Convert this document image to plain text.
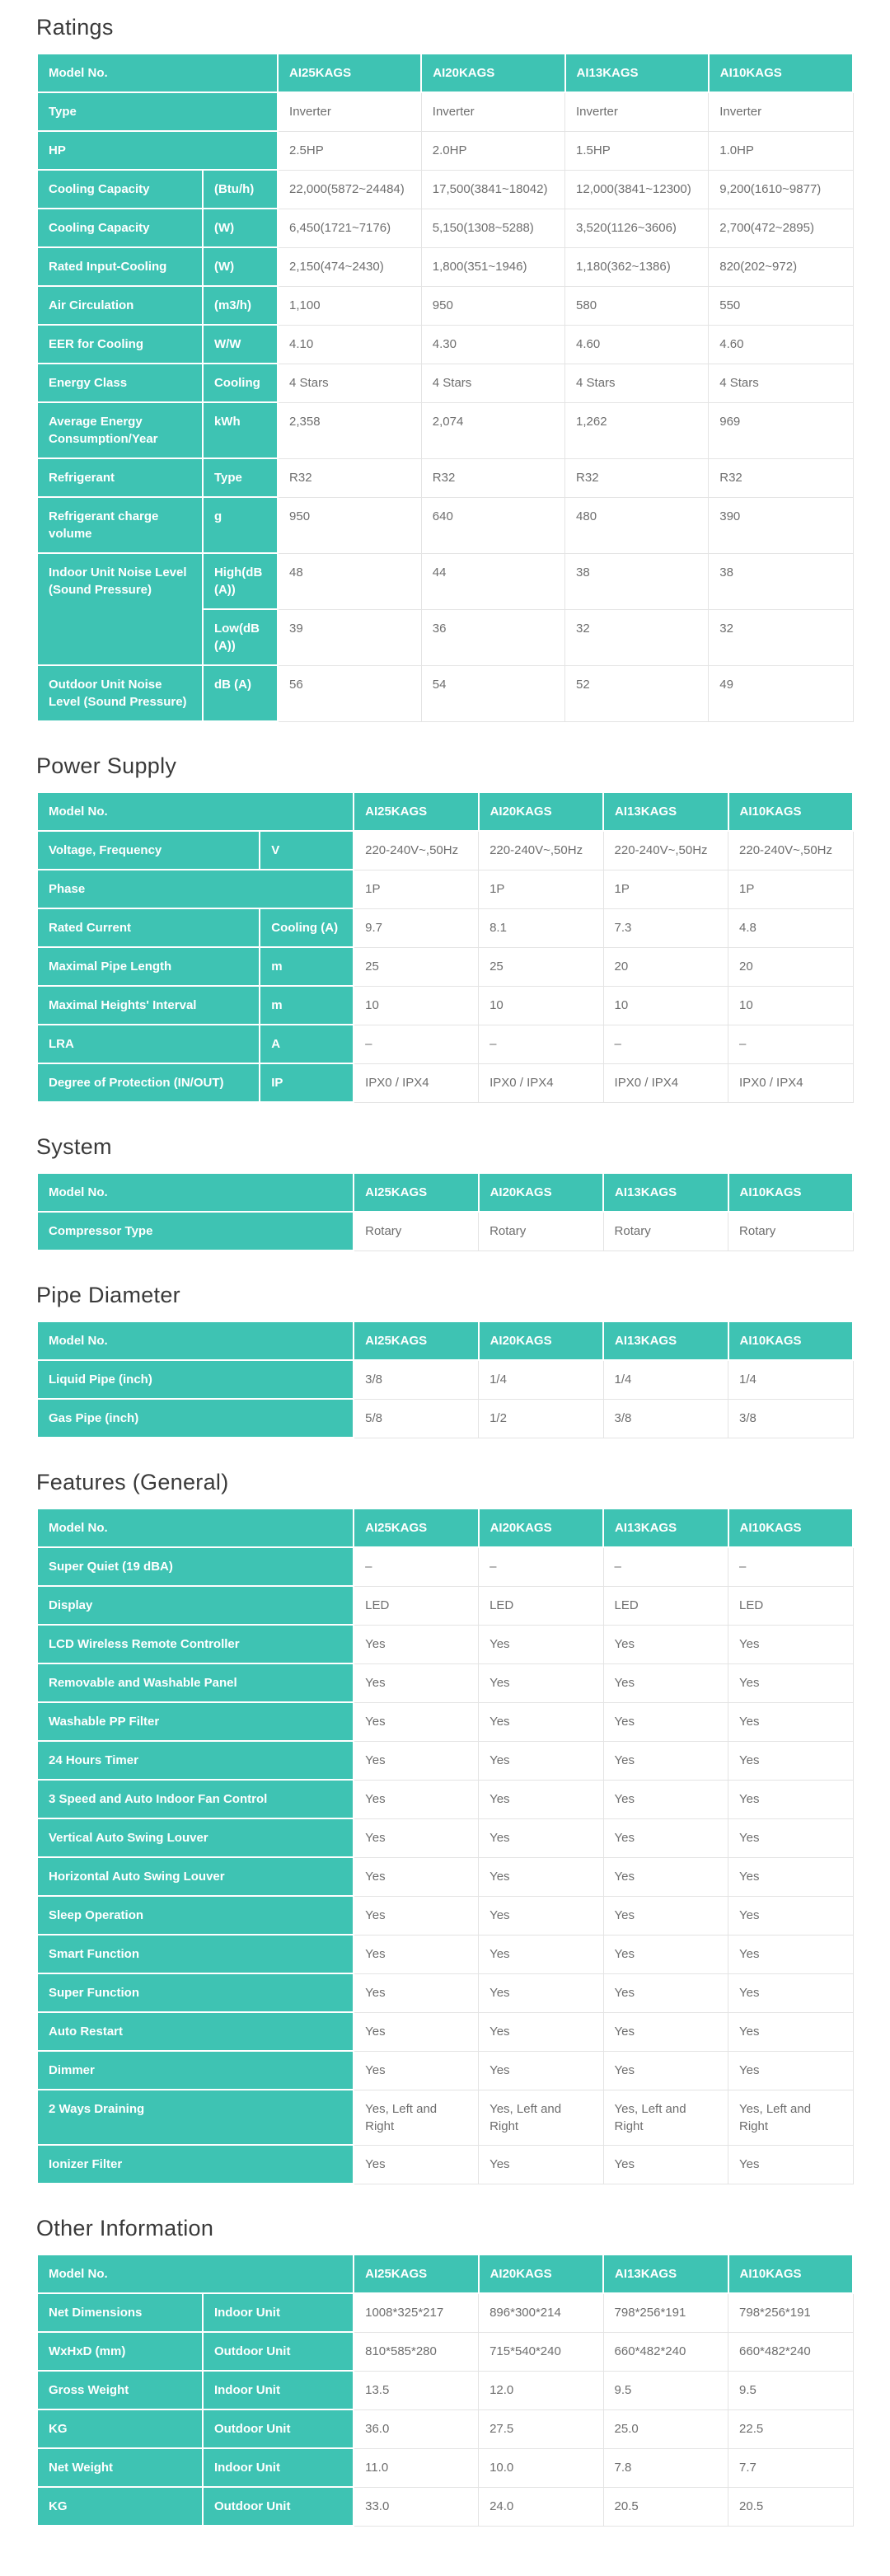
Ratings
Model No.		AI25KAGS	AI20KAGS	AI13KAGS	AI10KAGS
Type		Inverter	Inverter	Inverter	Inverter
HP		2.5HP	2.0HP	1.5HP	1.0HP
Cooling Capacity	(Btu/h)	22,000(5872~24484)	17,500(3841~18042)	12,000(3841~12300)	9,200(1610~9877)
Cooling Capacity	(W)	6,450(1721~7176)	5,150(1308~5288)	3,520(1126~3606)	2,700(472~2895)
Rated Input-Cooling	(W)	2,150(474~2430)	1,800(351~1946)	1,180(362~1386)	820(202~972)
Air Circulation	(m3/h)	1,100	950	580	550
EER for Cooling	W/W	4.10	4.30	4.60	4.60
Energy Class	Cooling	4 Stars	4 Stars	4 Stars	4 Stars
Average Energy Consumption/Year	kWh	2,358	2,074	1,262	969
Refrigerant	Type	R32	R32	R32	R32
Refrigerant charge volume	g	950	640	480	390
Indoor Unit Noise Level (Sound Pressure)	High(dB (A))	48	44	38	38
	Low(dB (A))	39	36	32	32
Outdoor Unit Noise Level (Sound Pressure)	dB (A)	56	54	52	49
Power Supply
Model No.		AI25KAGS	AI20KAGS	AI13KAGS	AI10KAGS
Voltage, Frequency	V	220-240V~,50Hz	220-240V~,50Hz	220-240V~,50Hz	220-240V~,50Hz
Phase		1P	1P	1P	1P
Rated Current	Cooling (A)	9.7	8.1	7.3	4.8
Maximal Pipe Length	m	25	25	20	20
Maximal Heights' Interval	m	10	10	10	10
LRA	A	–	–	–	–
Degree of Protection (IN/OUT)	IP	IPX0 / IPX4	IPX0 / IPX4	IPX0 / IPX4	IPX0 / IPX4
System
Model No.	AI25KAGS	AI20KAGS	AI13KAGS	AI10KAGS
Compressor Type	Rotary	Rotary	Rotary	Rotary
Pipe Diameter
Model No.	AI25KAGS	AI20KAGS	AI13KAGS	AI10KAGS
Liquid Pipe (inch)	3/8	1/4	1/4	1/4
Gas Pipe (inch)	5/8	1/2	3/8	3/8
Features (General)
Model No.	AI25KAGS	AI20KAGS	AI13KAGS	AI10KAGS
Super Quiet (19 dBA)	–	–	–	–
Display	LED	LED	LED	LED
LCD Wireless Remote Controller	Yes	Yes	Yes	Yes
Removable and Washable Panel	Yes	Yes	Yes	Yes
Washable PP Filter	Yes	Yes	Yes	Yes
24 Hours Timer	Yes	Yes	Yes	Yes
3 Speed and Auto Indoor Fan Control	Yes	Yes	Yes	Yes
Vertical Auto Swing Louver	Yes	Yes	Yes	Yes
Horizontal Auto Swing Louver	Yes	Yes	Yes	Yes
Sleep Operation	Yes	Yes	Yes	Yes
Smart Function	Yes	Yes	Yes	Yes
Super Function	Yes	Yes	Yes	Yes
Auto Restart	Yes	Yes	Yes	Yes
Dimmer	Yes	Yes	Yes	Yes
2 Ways Draining	Yes, Left and Right	Yes, Left and Right	Yes, Left and Right	Yes, Left and Right
Ionizer Filter	Yes	Yes	Yes	Yes
Other Information
Model No.		AI25KAGS	AI20KAGS	AI13KAGS	AI10KAGS
Net Dimensions	Indoor Unit	1008*325*217	896*300*214	798*256*191	798*256*191
WxHxD (mm)	Outdoor Unit	810*585*280	715*540*240	660*482*240	660*482*240
Gross Weight	Indoor Unit	13.5	12.0	9.5	9.5
KG	Outdoor Unit	36.0	27.5	25.0	22.5
Net Weight	Indoor Unit	11.0	10.0	7.8	7.7
KG	Outdoor Unit	33.0	24.0	20.5	20.5
